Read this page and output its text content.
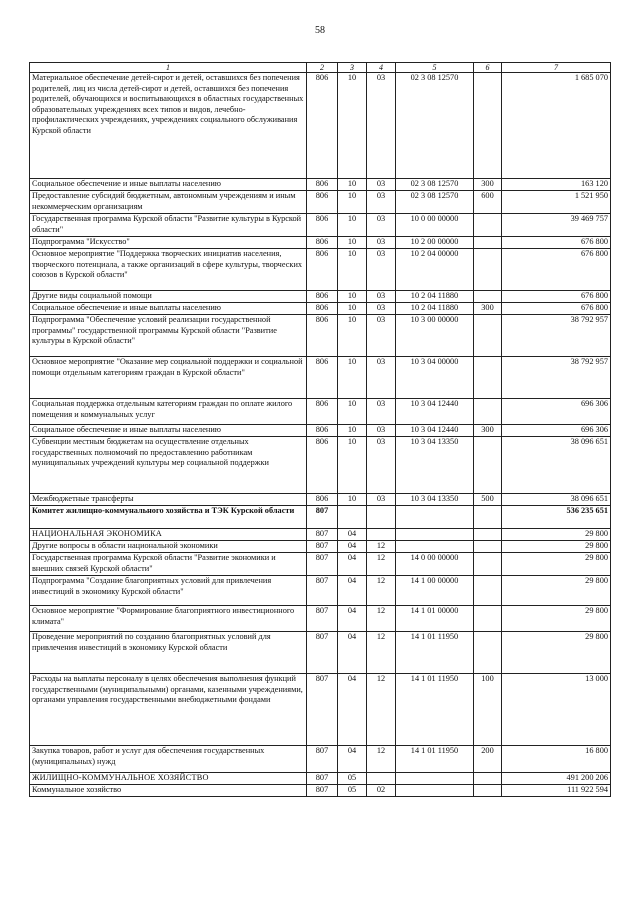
58
1	2	3	4	5	6	7
Материальное обеспечение детей-сирот и детей, оставшихся без попечения родителей, лиц из числа детей-сирот и детей, оставшихся без попечения родителей, обучающихся и воспитывающихся в областных государственных образовательных учреждениях всех типов и видов, лечебно-профилактических учреждениях, учреждениях социального обслуживания Курской области	806	10	03	02 3 08 12570		1 685 070
Социальное обеспечение и иные выплаты населению	806	10	03	02 3 08 12570	300	163 120
Предоставление субсидий бюджетным, автономным учреждениям и иным некоммерческим организациям	806	10	03	02 3 08 12570	600	1 521 950
Государственная программа Курской области "Развитие культуры в Курской области"	806	10	03	10 0 00 00000		39 469 757
Подпрограмма "Искусство"	806	10	03	10 2 00 00000		676 800
Основное мероприятие "Поддержка творческих инициатив населения, творческого потенциала, а также организаций в сфере культуры, творческих союзов в Курской области"	806	10	03	10 2 04 00000		676 800
Другие виды социальной помощи	806	10	03	10 2 04 11880		676 800
Социальное обеспечение и иные выплаты населению	806	10	03	10 2 04 11880	300	676 800
Подпрограмма "Обеспечение условий реализации государственной программы" государственной программы Курской области "Развитие культуры в Курской области"	806	10	03	10 3 00 00000		38 792 957
Основное мероприятие "Оказание мер социальной поддержки и социальной помощи отдельным категориям граждан в Курской области"	806	10	03	10 3 04 00000		38 792 957
Социальная поддержка отдельным категориям граждан по оплате жилого помещения и коммунальных услуг	806	10	03	10 3 04 12440		696 306
Социальное обеспечение и иные выплаты населению	806	10	03	10 3 04 12440	300	696 306
Субвенции местным бюджетам на осуществление отдельных государственных полномочий по предоставлению работникам муниципальных учреждений культуры мер социальной поддержки	806	10	03	10 3 04 13350		38 096 651
Межбюджетные трансферты	806	10	03	10 3 04 13350	500	38 096 651
Комитет жилищно-коммунального хозяйства и ТЭК Курской области	807					536 235 651
НАЦИОНАЛЬНАЯ ЭКОНОМИКА	807	04				29 800
Другие вопросы в области национальной экономики	807	04	12			29 800
Государственная программа Курской области "Развитие экономики и внешних связей Курской области"	807	04	12	14 0 00 00000		29 800
Подпрограмма "Создание благоприятных условий для привлечения инвестиций в экономику Курской области"	807	04	12	14 1 00 00000		29 800
Основное мероприятие "Формирование благоприятного инвестиционного климата"	807	04	12	14 1 01 00000		29 800
Проведение мероприятий по созданию благоприятных условий для привлечения инвестиций в экономику Курской области	807	04	12	14 1 01 11950		29 800
Расходы на выплаты персоналу в целях обеспечения выполнения функций государственными (муниципальными) органами, казенными учреждениями, органами управления государственными внебюджетными фондами	807	04	12	14 1 01 11950	100	13 000
Закупка товаров, работ и услуг для обеспечения государственных (муниципальных) нужд	807	04	12	14 1 01 11950	200	16 800
ЖИЛИЩНО-КОММУНАЛЬНОЕ ХОЗЯЙСТВО	807	05				491 200 206
Коммунальное хозяйство	807	05	02			111 922 594
